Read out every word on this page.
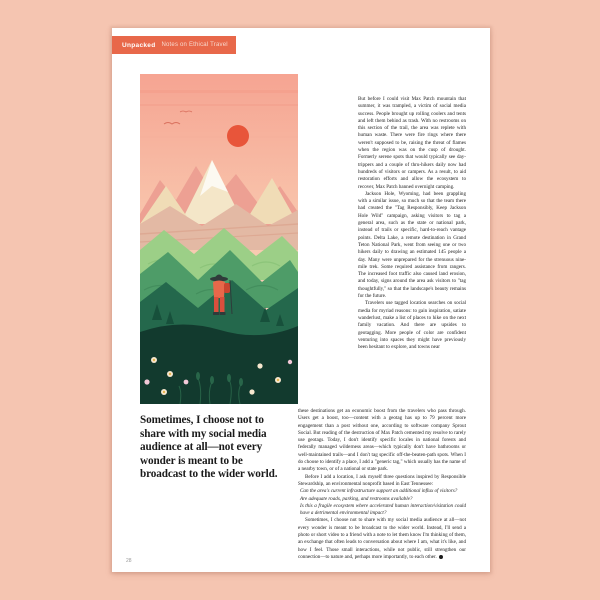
Unpacked Notes on Ethical Travel
Sometimes, I choose not to share with my social media audience at all—not every wonder is meant to be broadcast to the wider world.

But before I could visit Max Patch mountain that summer, it was trampled, a victim of social media success. People brought up rolling coolers and tents and left them behind as trash. With no restrooms on this section of the trail, the area was replete with human waste. There were fire rings where there weren't supposed to be, raising the threat of flames when the region was on the cusp of drought. Formerly serene spots that would typically see day-trippers and a couple of thru-hikers daily now had hundreds of visitors or campers. As a result, to aid restoration efforts and allow the ecosystem to recover, Max Patch banned overnight camping.

Jackson Hole, Wyoming, had been grappling with a similar issue, so much so that the team there had created the "Tag Responsibly, Keep Jackson Hole Wild" campaign, asking visitors to tag a general area, such as the state or national park, instead of trails or specific, hard-to-reach vantage points. Delta Lake, a remote destination in Grand Teton National Park, went from seeing one or two hikers daily to drawing an estimated 145 people a day. Many were unprepared for the strenuous nine-mile trek. Some required assistance from rangers. The increased foot traffic also caused land erosion, and today, signs around the area ask visitors to "tag thoughtfully," so that the landscape's beauty remains for the future.

Travelers use tagged location searches on social media for myriad reasons: to gain inspiration, satiate wanderlust, make a list of places to hike on the next family vacation. And there are upsides to geotagging. More people of color are confident venturing into spaces they might have previously been hesitant to explore, and towns near

these destinations get an economic boost from the travelers who pass through. Users get a boost, too—content with a geotag has up to 79 percent more engagement than a post without one, according to software company Sprout Social. But reading of the destruction of Max Patch cemented my resolve to rarely use geotags. Today, I don't identify specific locales in national forests and federally managed wilderness areas—which typically don't have bathrooms or well-maintained trails—and I don't tag specific off-the-beaten-path spots. When I do choose to identify a place, I add a "generic tag," which usually has the name of a nearby town, or of a national or state park.

Before I add a location, I ask myself three questions inspired by Responsible Stewardship, an environmental nonprofit based in East Tennessee:

Can the area's current infrastructure support an additional influx of visitors?

Are adequate roads, parking, and restrooms available?

Is this a fragile ecosystem where accelerated human interaction/visitation could have a detrimental environmental impact?

Sometimes, I choose not to share with my social media audience at all—not every wonder is meant to be broadcast to the wider world. Instead, I'll send a photo or short video to a friend with a note to let them know I'm thinking of them, an exchange that often leads to conversation about where I am, what it's like, and how I feel. Those small interactions, while not public, still strengthen our connection—to nature and, perhaps more importantly, to each other.

28
